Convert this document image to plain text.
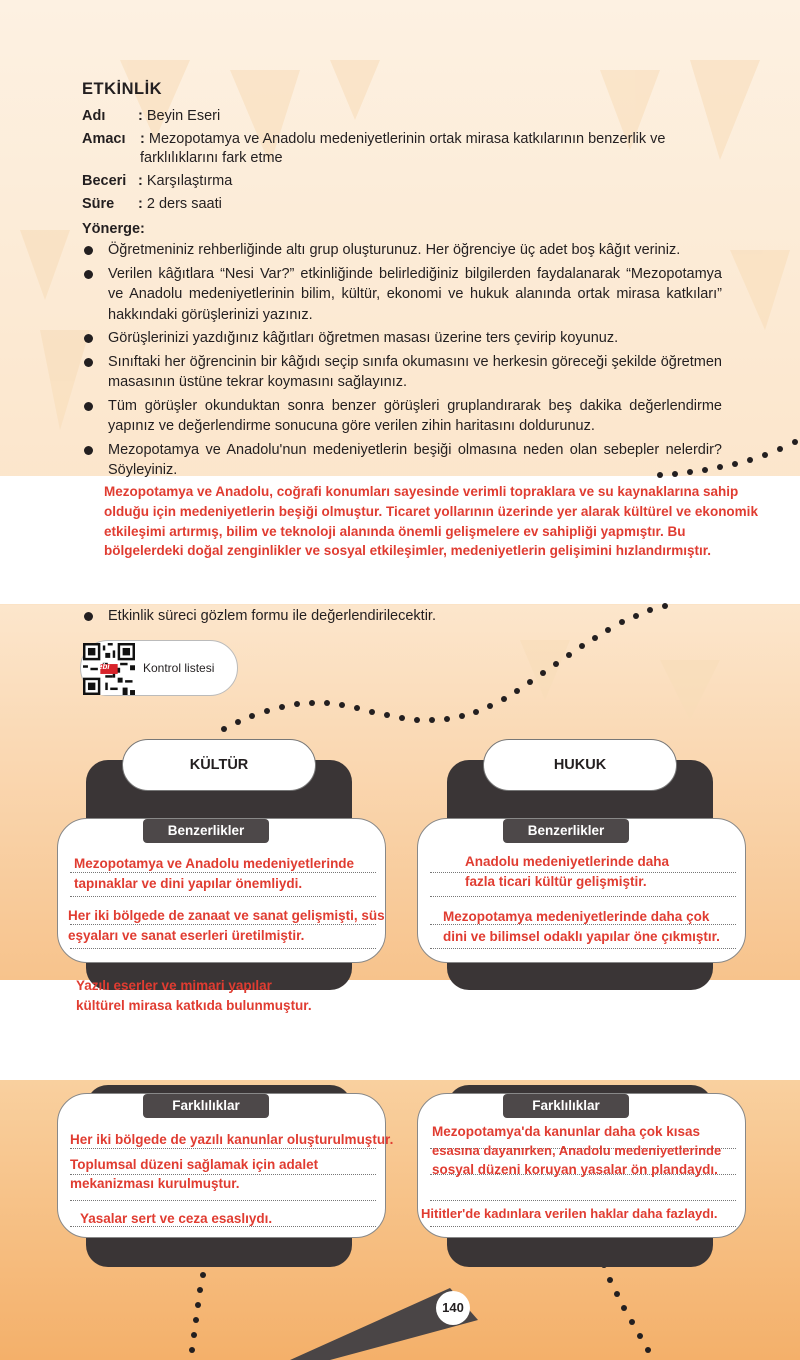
ETKİNLİK
Adı : Beyin Eseri
Amacı : Mezopotamya ve Anadolu medeniyetlerinin ortak mirasa katkılarının benzerlik ve
farklılıklarını fark etme
Beceri : Karşılaştırma
Süre : 2 ders saati
Yönerge:
Öğretmeniniz rehberliğinde altı grup oluşturunuz. Her öğrenciye üç adet boş kâğıt veriniz.
Verilen kâğıtlara “Nesi Var?” etkinliğinde belirlediğiniz bilgilerden faydalanarak “Mezopotamya ve Anadolu medeniyetlerinin bilim, kültür, ekonomi ve hukuk alanında ortak mirasa katkıları” hakkındaki görüşlerinizi yazınız.
Görüşlerinizi yazdığınız kâğıtları öğretmen masası üzerine ters çevirip koyunuz.
Sınıftaki her öğrencinin bir kâğıdı seçip sınıfa okumasını ve herkesin göreceği şekilde öğretmen masasının üstüne tekrar koymasını sağlayınız.
Tüm görüşler okunduktan sonra benzer görüşleri gruplandırarak beş dakika değerlendirme yapınız ve değerlendirme sonucuna göre verilen zihin haritasını doldurunuz.
Mezopotamya ve Anadolu'nun medeniyetlerin beşiği olmasına neden olan sebepler nelerdir? Söyleyiniz.
Mezopotamya ve Anadolu, coğrafi konumları sayesinde verimli topraklara ve su kaynaklarına sahip olduğu için medeniyetlerin beşiği olmuştur. Ticaret yollarının üzerinde yer alarak kültürel ve ekonomik etkileşimi artırmış, bilim ve teknoloji alanında önemli gelişmelere ev sahipliği yapmıştır. Bu bölgelerdeki doğal zenginlikler ve sosyal etkileşimler, medeniyetlerin gelişimini hızlandırmıştır.
Etkinlik süreci gözlem formu ile değerlendirilecektir.
ebi	Kontrol listesi
KÜLTÜR
Benzerlikler
Mezopotamya ve Anadolu medeniyetlerinde
tapınaklar ve dini yapılar önemliydi.
Her iki bölgede de zanaat ve sanat gelişmişti, süs
eşyaları ve sanat eserleri üretilmiştir.
Yazılı eserler ve mimari yapılar
kültürel mirasa katkıda bulunmuştur.
Farklılıklar
Her iki bölgede de yazılı kanunlar oluşturulmuştur.
Toplumsal düzeni sağlamak için adalet
mekanizması kurulmuştur.
Yasalar sert ve ceza esaslıydı.
HUKUK
Benzerlikler
Anadolu medeniyetlerinde daha
fazla ticari kültür gelişmiştir.
Mezopotamya medeniyetlerinde daha çok
dini ve bilimsel odaklı yapılar öne çıkmıştır.
Farklılıklar
Mezopotamya'da kanunlar daha çok kısas
esasına dayanırken, Anadolu medeniyetlerinde
sosyal düzeni koruyan yasalar ön plandaydı.
Hititler'de kadınlara verilen haklar daha fazlaydı.
140
